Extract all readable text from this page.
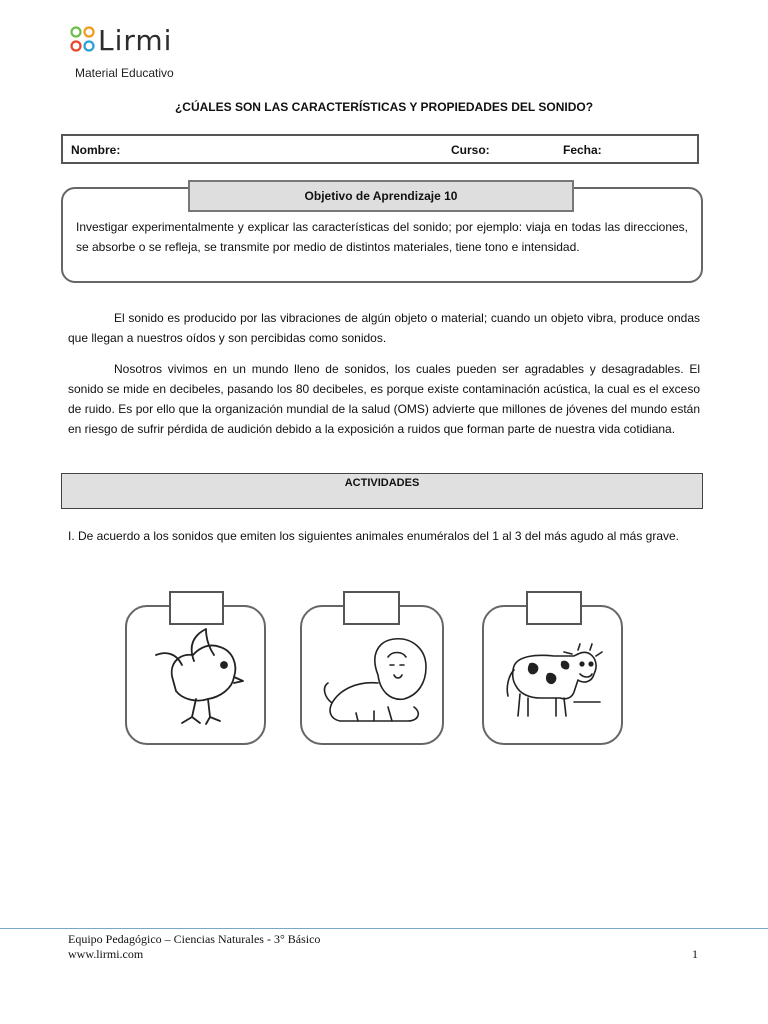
Lirmi
Material Educativo
¿CÚALES SON LAS CARACTERÍSTICAS Y PROPIEDADES DEL SONIDO?
Nombre:	Curso:	Fecha:
Objetivo de Aprendizaje 10
Investigar experimentalmente y explicar las características del sonido; por ejemplo: viaja en todas las direcciones, se absorbe o se refleja, se transmite por medio de distintos materiales, tiene tono e intensidad.
El sonido es producido por las vibraciones de algún objeto o material; cuando un objeto vibra, produce ondas que llegan a nuestros oídos y son percibidas como sonidos.
Nosotros vivimos en un mundo lleno de sonidos, los cuales pueden ser agradables y desagradables. El sonido se mide en decibeles, pasando los 80 decibeles, es porque existe contaminación acústica, la cual es el exceso de ruido. Es por ello que la organización mundial de la salud (OMS) advierte que millones de jóvenes del mundo están en riesgo de sufrir pérdida de audición debido a la exposición a ruidos que forman parte de nuestra vida cotidiana.
ACTIVIDADES
I. De acuerdo a los sonidos que emiten los siguientes animales enuméralos del 1 al 3 del más agudo al más grave.
Equipo Pedagógico – Ciencias Naturales - 3° Básico
www.lirmi.com	1
